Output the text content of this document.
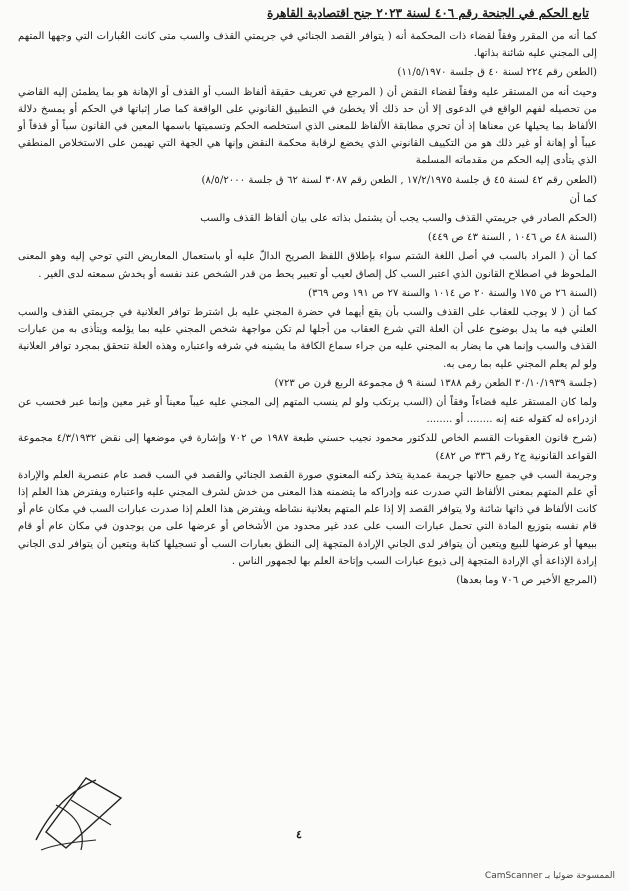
تابع الحكم في الجنحة رقم ٤٠٦ لسنة ٢٠٢٣ جنح اقتصادية القاهرة

كما أنه من المقرر وفقاً لقضاء ذات المحكمة أنه ( يتوافر القصد الجنائي في جريمتي القذف والسب متى كانت العُبارات التي وجهها المتهم إلى المجني عليه شائنة بذاتها.

(الطعن رقم ٢٢٤ لسنة ٤٠ ق جلسة ١١/٥/١٩٧٠)

وحيث أنه من المستقر عليه وفقاً لقضاء النقض أن ( المرجع في تعريف حقيقة ألفاظ السب أو القذف أو الإهانة هو بما يطمئن إليه القاضي من تحصيله لفهم الواقع في الدعوى إلا أن حد ذلك ألا يخطئ في التطبيق القانوني على الواقعة كما صار إثباتها في الحكم أو يمسخ دلالة الألفاظ بما يحيلها عن معناها إذ أن تحري مطابقة الألفاظ للمعنى الذي استخلصه الحكم وتسميتها باسمها المعين في القانون سباً أو قذفاً أو عيباً أو إهانة أو غير ذلك هو من التكييف القانوني الذي يخضع لرقابة محكمة النقض وإنها هي الجهة التي تهيمن على الاستخلاص المنطقي الذي يتأدى إليه الحكم من مقدماته المسلمة

(الطعن رقم ٤٢ لسنة ٤٥ ق جلسة ١٧/٢/١٩٧٥ , الطعن رقم ٣٠٨٧ لسنة ٦٢ ق جلسة ٨/٥/٢٠٠٠)

كما أن

(الحكم الصادر في جريمتي القذف والسب يجب أن يشتمل بذاته على بيان ألفاظ القذف والسب

(السنة ٤٨ ص ١٠٤٦ , السنة ٤٣ ص ٤٤٩)

كما أن ( المراد بالسب في أصل اللغة الشتم سواء بإطلاق اللفظ الصريح الدالّ عليه أو باستعمال المعاريض التي توحي إليه وهو المعنى الملحوظ في اصطلاح القانون الذي اعتبر السب كل إلصاق لعيب أو تعبير يحط من قدر الشخص عند نفسه أو يخدش سمعته لدى الغير .

(السنة ٢٦ ص ١٧٥ والسنة ٢٠ ص ١٠١٤ والسنة ٢٧ ص ١٩١ وص ٣٦٩)

كما أن ( لا يوجب للعقاب على القذف والسب بأن يقع أيهما في حضرة المجني عليه بل اشترط توافر العلانية في جريمتي القذف والسب العلني فيه ما يدل بوضوح على أن العلة التي شرع العقاب من أجلها لم تكن مواجهة شخص المجني عليه بما يؤلمه ويتأذى به من عبارات القذف والسب وإنما هي ما يضار به المجني عليه من جراء سماع الكافة ما يشينه في شرفه واعتباره وهذه العلة تتحقق بمجرد توافر العلانية ولو لم يعلم المجني عليه بما رمى به.

(جلسة ٣٠/١٠/١٩٣٩ الطعن رقم ١٣٨٨ لسنة ٩ ق مجموعة الربع قرن ص ٧٢٣)

ولما كان المستقر عليه قضاءاً وفقاً أن (السب يرتكب ولو لم ينسب المتهم إلى المجني عليه عيباً معيناً أو غير معين وإنما عبر فحسب عن ازدراءه له كقوله عنه إنه ........ أو ........

(شرح قانون العقوبات القسم الخاص للدكتور محمود نجيب حسني طبعة ١٩٨٧ ص ٧٠٢ وإشارة في موضعها إلى نقض ٤/٣/١٩٣٢ مجموعة القواعد القانونية ج٢ رقم ٣٣٦ ص ٤٨٢)

وجريمة السب في جميع حالاتها جريمة عمدية يتخذ ركنه المعنوي صورة القصد الجنائي والقصد في السب قصد عام عنصرية العلم والإرادة أي علم المتهم بمعنى الألفاظ التي صدرت عنه وإدراكه ما يتضمنه هذا المعنى من خدش لشرف المجني عليه واعتباره ويفترض هذا العلم إذا كانت الألفاظ في ذاتها شائنة ولا يتوافر القصد إلا إذا علم المتهم بعلانية نشاطه ويفترض هذا العلم إذا صدرت عبارات السب في مكان عام أو قام نفسه بتوزيع المادة التي تحمل عبارات السب على عدد غير محدود من الأشخاص أو عرضها على من يوجدون في مكان عام أو قام ببيعها أو عرضها للبيع ويتعين أن يتوافر لدى الجاني الإرادة المتجهة إلى النطق بعبارات السب أو تسجيلها كتابة ويتعين أن يتوافر لدى الجاني إرادة الإذاعة أي الإرادة المتجهة إلى ذيوع عبارات السب وإتاحة العلم بها لجمهور الناس .

(المرجع الأخير ص ٧٠٦ وما بعدها)

٤
الممسوحة ضوئيا بـ CamScanner
